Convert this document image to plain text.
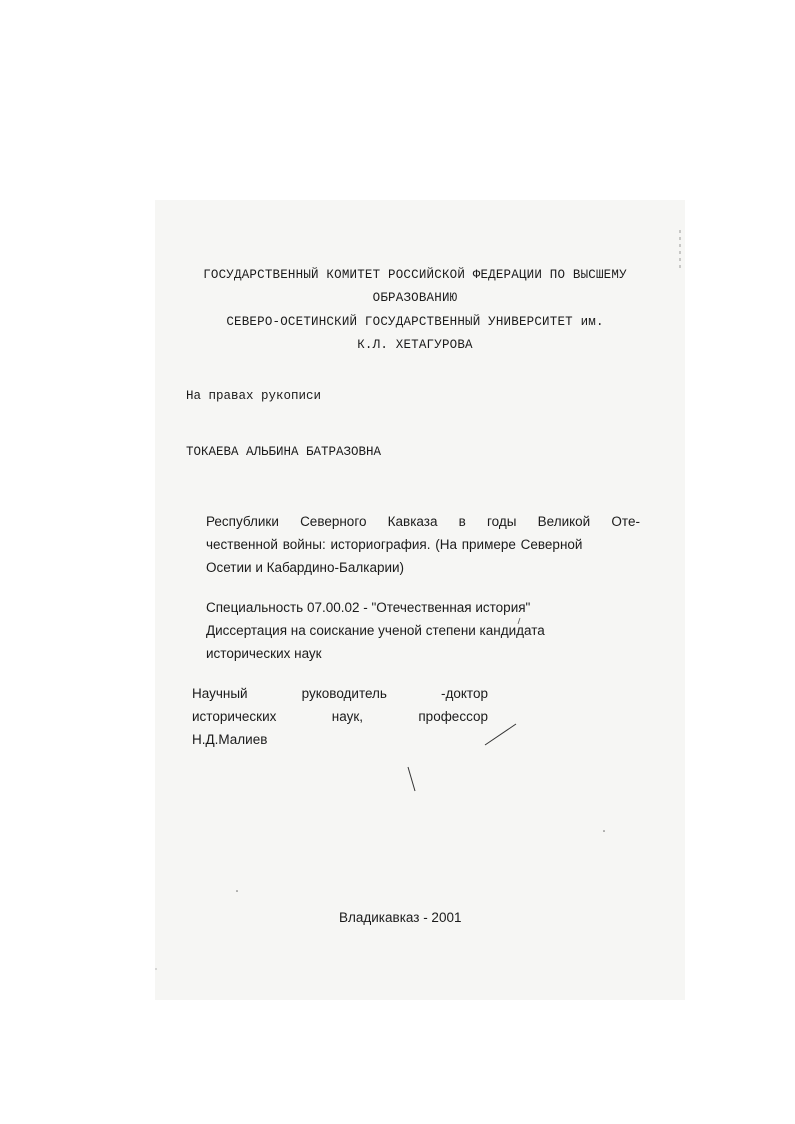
ГОСУДАРСТВЕННЫЙ КОМИТЕТ РОССИЙСКОЙ ФЕДЕРАЦИИ ПО ВЫСШЕМУ
ОБРАЗОВАНИЮ
СЕВЕРО-ОСЕТИНСКИЙ ГОСУДАРСТВЕННЫЙ УНИВЕРСИТЕТ им.
К.Л. ХЕТАГУРОВА
На правах рукописи
ТОКАЕВА АЛЬБИНА БАТРАЗОВНА
Республики Северного Кавказа в годы Великой Оте-
чественной войны: историография. (На примере Северной
Осетии и Кабардино-Балкарии)
Специальность 07.00.02 - "Отечественная история"
Диссертация на соискание ученой степени кандидата
исторических наук
Научный	руководитель	-доктор
исторических	наук,	профессор
Н.Д.Малиев
Владикавказ - 2001
